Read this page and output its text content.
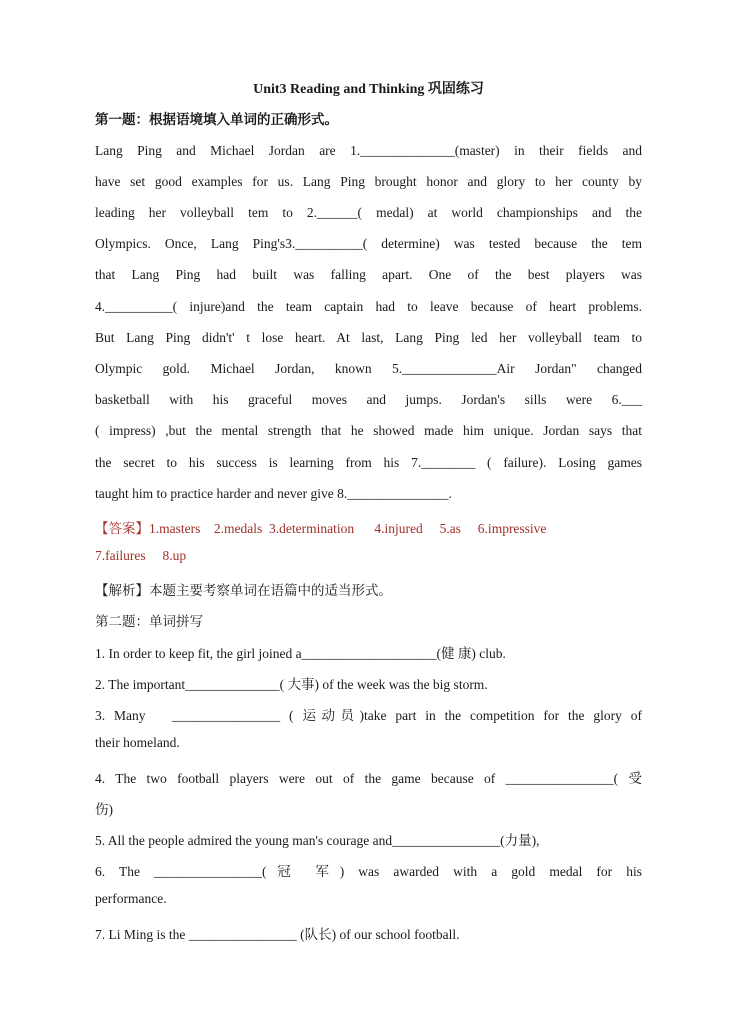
Unit3 Reading and Thinking 巩固练习
第一题：根据语境填入单词的正确形式。
Lang Ping and Michael Jordan are 1.______________(master) in their fields and
have set good examples for us. Lang Ping brought honor and glory to her county by
leading her volleyball tem to 2.______( medal) at world championships and the
Olympics. Once, Lang Ping's3.__________( determine) was tested because the tem
that Lang Ping had built was falling apart. One of the best players was
4.__________( injure)and the team captain had to leave because of heart problems.
But Lang Ping didn't' t lose heart. At last, Lang Ping led her volleyball team to
Olympic gold. Michael Jordan, known 5.______________Air Jordan" changed
basketball with his graceful moves and jumps. Jordan's sills were 6.___
( impress) ,but the mental strength that he showed made him unique. Jordan says that
the secret to his success is learning from his 7.________ ( failure). Losing games
taught him to practice harder and never give 8._______________.
【答案】1.masters    2.medals  3.determination      4.injured     5.as     6.impressive
7.failures     8.up
【解析】本题主要考察单词在语篇中的适当形式。
第二题：单词拼写
1. In order to keep fit, the girl joined a____________________(健 康) club.
2. The important______________( 大事) of the week was the big storm.
3. Many   ________________ ( 运动员)take part in the competition for the glory of
their homeland.
4. The two football players were out of the game because of ________________( 受
伤)
5. All the people admired the young man's courage and________________(力量),
6. The ________________(冠 军) was awarded with a gold medal for his
performance.
7. Li Ming is the ________________ (队长) of our school football.
